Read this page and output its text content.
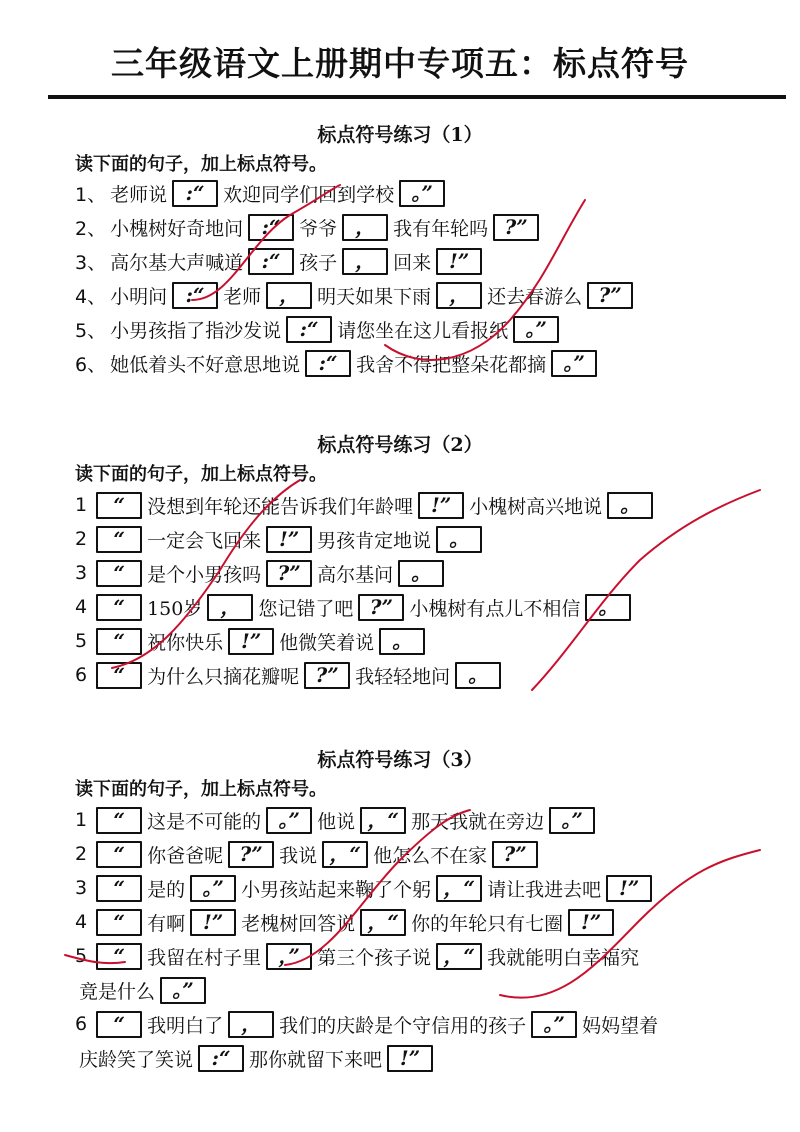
三年级语文上册期中专项五：标点符号
标点符号练习（1）
读下面的句子，加上标点符号。
1、 老师说 :“ 欢迎同学们回到学校 。”
2、 小槐树好奇地问 :“ 爷爷 ， 我有年轮吗 ?”
3、 高尔基大声喊道 :“ 孩子 ， 回来 !”
4、 小明问 :“ 老师 ， 明天如果下雨 ， 还去春游么 ?”
5、 小男孩指了指沙发说 :“ 请您坐在这儿看报纸 。”
6、 她低着头不好意思地说 :“ 我舍不得把整朵花都摘 。”
标点符号练习（2）
读下面的句子，加上标点符号。
1	“	没想到年轮还能告诉我们年龄哩 !” 小槐树高兴地说 。
2	“	一定会飞回来 !” 男孩肯定地说 。
3	“	是个小男孩吗 ?” 高尔基问 。
4	“	150岁 ， 您记错了吧 ?” 小槐树有点儿不相信 。
5	“	祝你快乐 !” 他微笑着说 。
6	“	为什么只摘花瓣呢 ?” 我轻轻地问 。
标点符号练习（3）
读下面的句子，加上标点符号。
1	“	这是不可能的 。” 他说 ，“ 那天我就在旁边 。”
2	“	你爸爸呢 ?” 我说 ，“ 他怎么不在家 ?”
3	“	是的 。” 小男孩站起来鞠了个躬 ，“ 请让我进去吧 !”
4	“	有啊 !” 老槐树回答说 ，“ 你的年轮只有七圈 !”
5	“	我留在村子里 ，” 第三个孩子说 ，“ 我就能明白幸福究
竟是什么 。”
6	“	我明白了 ， 我们的庆龄是个守信用的孩子 。” 妈妈望着
庆龄笑了笑说 :“ 那你就留下来吧 !”
